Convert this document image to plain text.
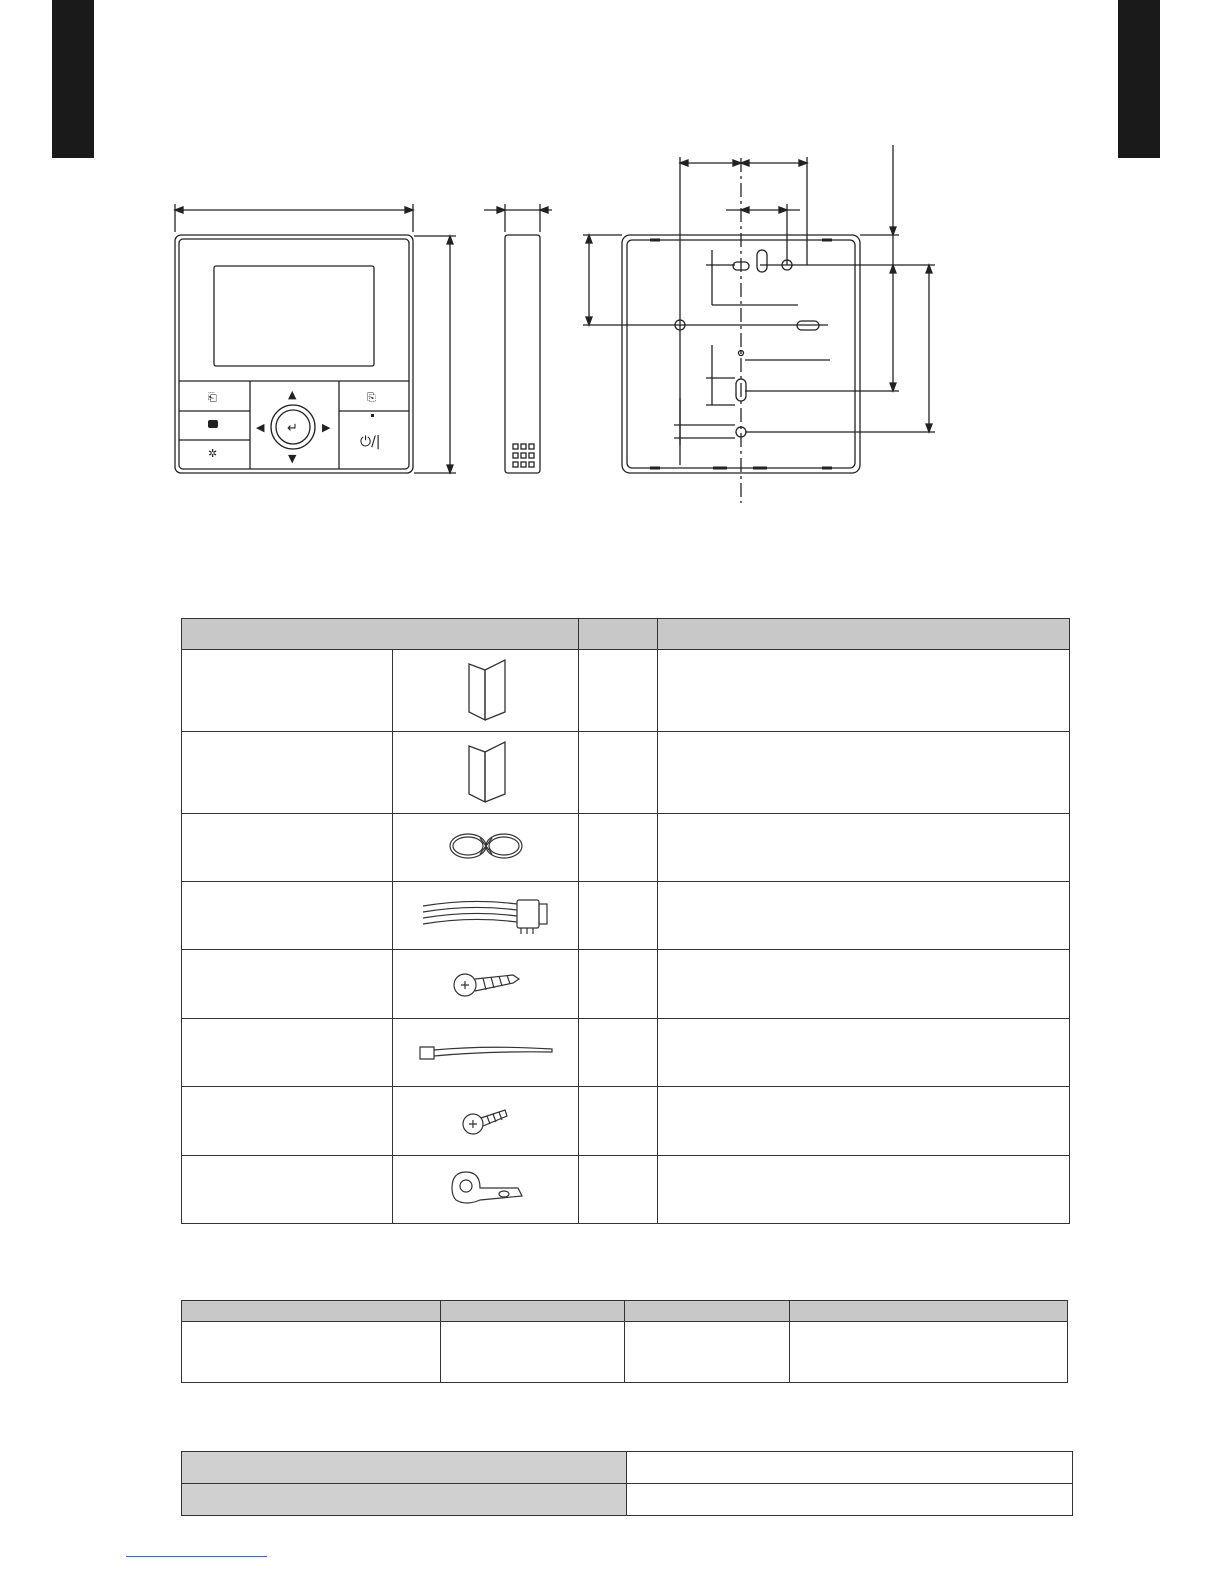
⎗
✲
▲
▼
◀	▶
↵
⎘
⏻/|
